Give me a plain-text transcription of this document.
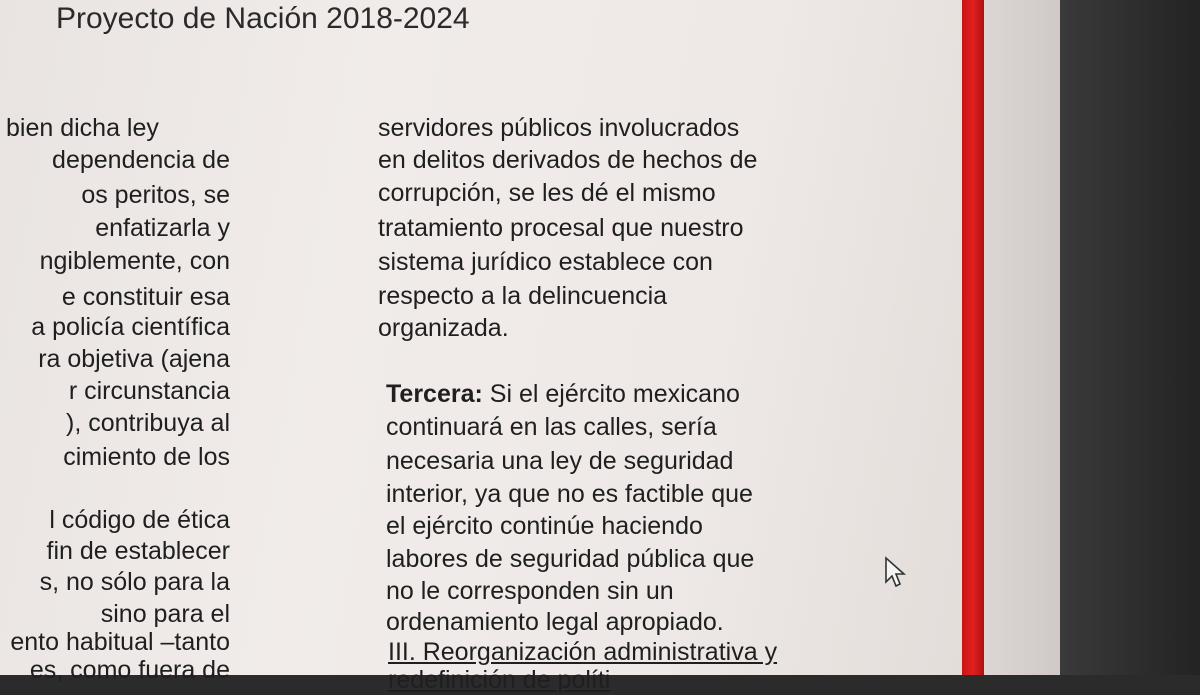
Proyecto de Nación 2018-2024
bien dicha ley
dependencia de
os peritos, se
enfatizarla y
ngiblemente, con
e constituir esa
a policía científica
ra objetiva (ajena
r circunstancia
), contribuya al
cimiento de los
l código de ética
fin de establecer
s, no sólo para la
sino para el
ento habitual –tanto
es, como fuera de
servidores públicos involucrados
en delitos derivados de hechos de
corrupción, se les dé el mismo
tratamiento procesal que nuestro
sistema jurídico establece con
respecto a la delincuencia
organizada.
Tercera: Si el ejército mexicano
continuará en las calles, sería
necesaria una ley de seguridad
interior, ya que no es factible que
el ejército continúe haciendo
labores de seguridad pública que
no le corresponden sin un
ordenamiento legal apropiado.
III. Reorganización administrativa y
redefinición de políti
